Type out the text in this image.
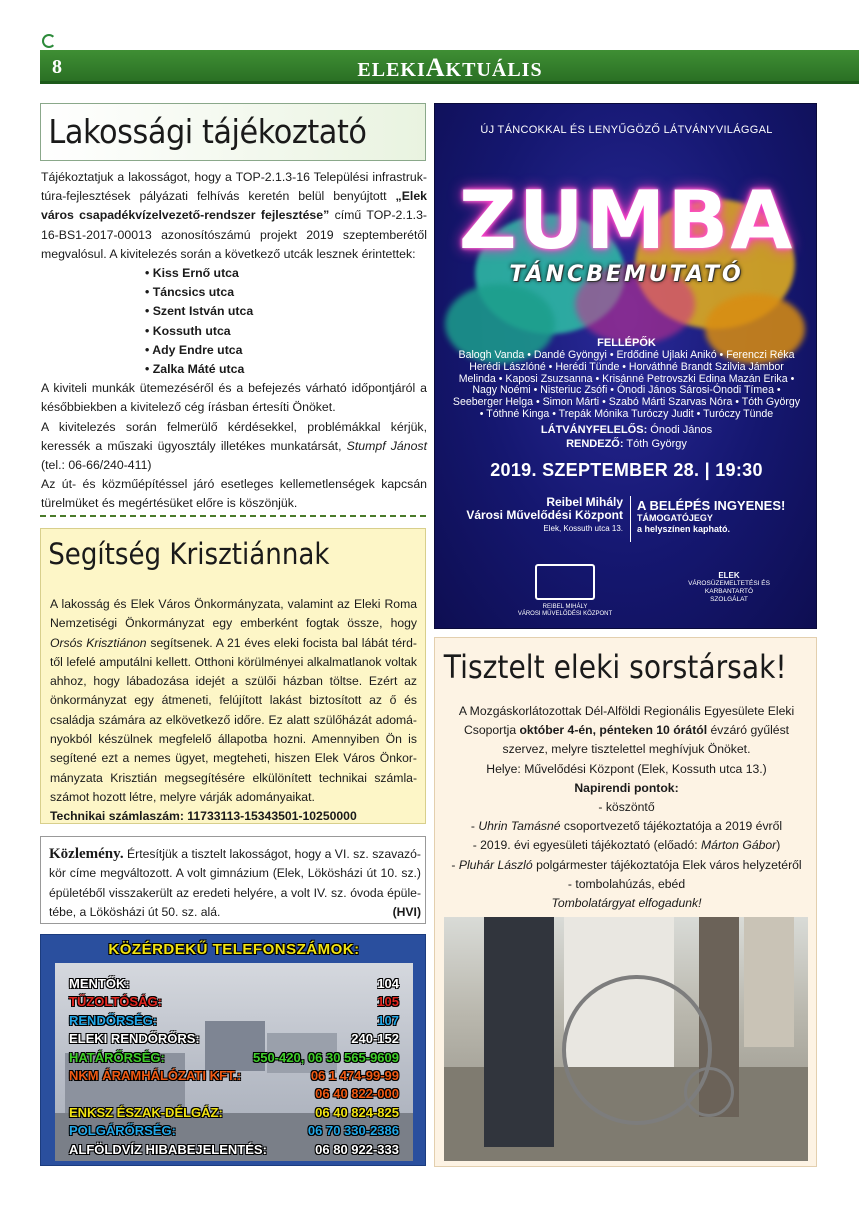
8	ELEKIAKTUÁLIS
Lakossági tájékoztató

Tájékoztatjuk a lakosságot, hogy a TOP-2.1.3-16 Települési infrastruk-túra-fejlesztések pályázati felhívás keretén belül benyújtott „Elek város csapadékvízelvezető-rendszer fejlesztése” című TOP-2.1.3-16-BS1-2017-00013 azonosítószámú projekt 2019 szeptemberétől megvalósul. A kivitelezés során a következő utcák lesznek érintettek:

• Kiss Ernő utca
• Táncsics utca
• Szent István utca
• Kossuth utca
• Ady Endre utca
• Zalka Máté utca

A kiviteli munkák ütemezéséről és a befejezés várható időpontjáról a későbbiekben a kivitelező cég írásban értesíti Önöket.

A kivitelezés során felmerülő kérdésekkel, problémákkal kérjük, keressék a műszaki ügyosztály illetékes munkatársát, Stumpf Jánost (tel.: 06-66/240-411)

Az út- és közműépítéssel járó esetleges kellemetlenségek kapcsán türelmüket és megértésüket előre is köszönjük.

Segítség Krisztiánnak
A lakosság és Elek Város Önkormányzata, valamint az Eleki Roma Nemzetiségi Önkormányzat egy emberként fogtak össze, hogy Orsós Krisztiánon segítsenek. A 21 éves eleki focista bal lábát térd-től lefelé amputálni kellett. Otthoni körülményei alkalmatlanok voltak ahhoz, hogy lábadozása idejét a szülői házban töltse. Ezért az önkormányzat egy átmeneti, felújított lakást biztosított az ő és családja számára az elkövetkező időre. Ez alatt szülőházát adomá-nyokból készülnek megfelelő állapotba hozni. Amennyiben Ön is segítené ezt a nemes ügyet, megteheti, hiszen Elek Város Önkor-mányzata Krisztián megsegítésére elkülönített technikai számla-számot hozott létre, melyre várják adományaikat.
Technikai számlaszám: 11733113-15343501-10250000
Közlemény. Értesítjük a tisztelt lakosságot, hogy a VI. sz. szavazó-kör címe megváltozott. A volt gimnázium (Elek, Lökösházi út 10. sz.) épületéből visszakerült az eredeti helyére, a volt IV. sz. óvoda épüle-tébe, a Lökösházi út 50. sz. alá.	(HVI)
KÖZÉRDEKŰ TELEFONSZÁMOK:
MENTŐK:	104
TŰZOLTÓSÁG:	105
RENDŐRSÉG:	107
ELEKI RENDŐRŐRS:	240-152
HATÁRŐRSÉG:	550-420, 06 30 565-9609
NKM ÁRAMHÁLÓZATI KFT.:	06 1 474-99-99
06 40 822-000
ENKSZ ÉSZAK-DÉLGÁZ:	06 40 824-825
POLGÁRŐRSÉG:	06 70 330-2386
ALFÖLDVÍZ HIBABEJELENTÉS:	06 80 922-333
ÚJ TÁNCOKKAL ÉS LENYŰGÖZŐ LÁTVÁNYVILÁGGAL
ZUMBA
TÁNCBEMUTATÓ
FELLÉPŐK
Balogh Vanda • Dandé Gyöngyi • Erdődiné Ujlaki Anikó • Ferenczi Réka Herédi Lászlóné • Herédi Tünde • Horváthné Brandt Szilvia Jámbor Melinda • Kaposi Zsuzsanna • Krisánné Petrovszki Edina Mazán Erika • Nagy Noémi • Nisteriuc Zsófi • Ónodi János Sárosi-Ónodi Tímea • Seeberger Helga • Simon Márti • Szabó Márti Szarvas Nóra • Tóth György • Tóthné Kinga • Trepák Mónika Turóczy Judit • Turóczy Tünde
LÁTVÁNYFELELŐS: Ónodi János
RENDEZŐ: Tóth György
2019. SZEPTEMBER 28. | 19:30
Reibel Mihály
Városi Művelődési Központ
Elek, Kossuth utca 13.
A BELÉPÉS INGYENES!
TÁMOGATÓJEGY
a helyszínen kapható.
REIBEL MIHÁLY
VÁROSI MŰVELŐDÉSI KÖZPONT
ELEK
VÁROSÜZEMELTETÉSI ÉS
KARBANTARTÓ
SZOLGÁLAT
Tisztelt eleki sorstársak!
A Mozgáskorlátozottak Dél-Alföldi Regionális Egyesülete Eleki Csoportja október 4-én, pénteken 10 órától évzáró gyűlést szervez, melyre tisztelettel meghívjuk Önöket.
Helye: Művelődési Központ (Elek, Kossuth utca 13.)
Napirendi pontok:
- köszöntő
- Uhrin Tamásné csoportvezető tájékoztatója a 2019 évről
- 2019. évi egyesületi tájékoztató (előadó: Márton Gábor)
- Pluhár László polgármester tájékoztatója Elek város helyzetéről
- tombolahúzás, ebéd
Tombolatárgyat elfogadunk!
